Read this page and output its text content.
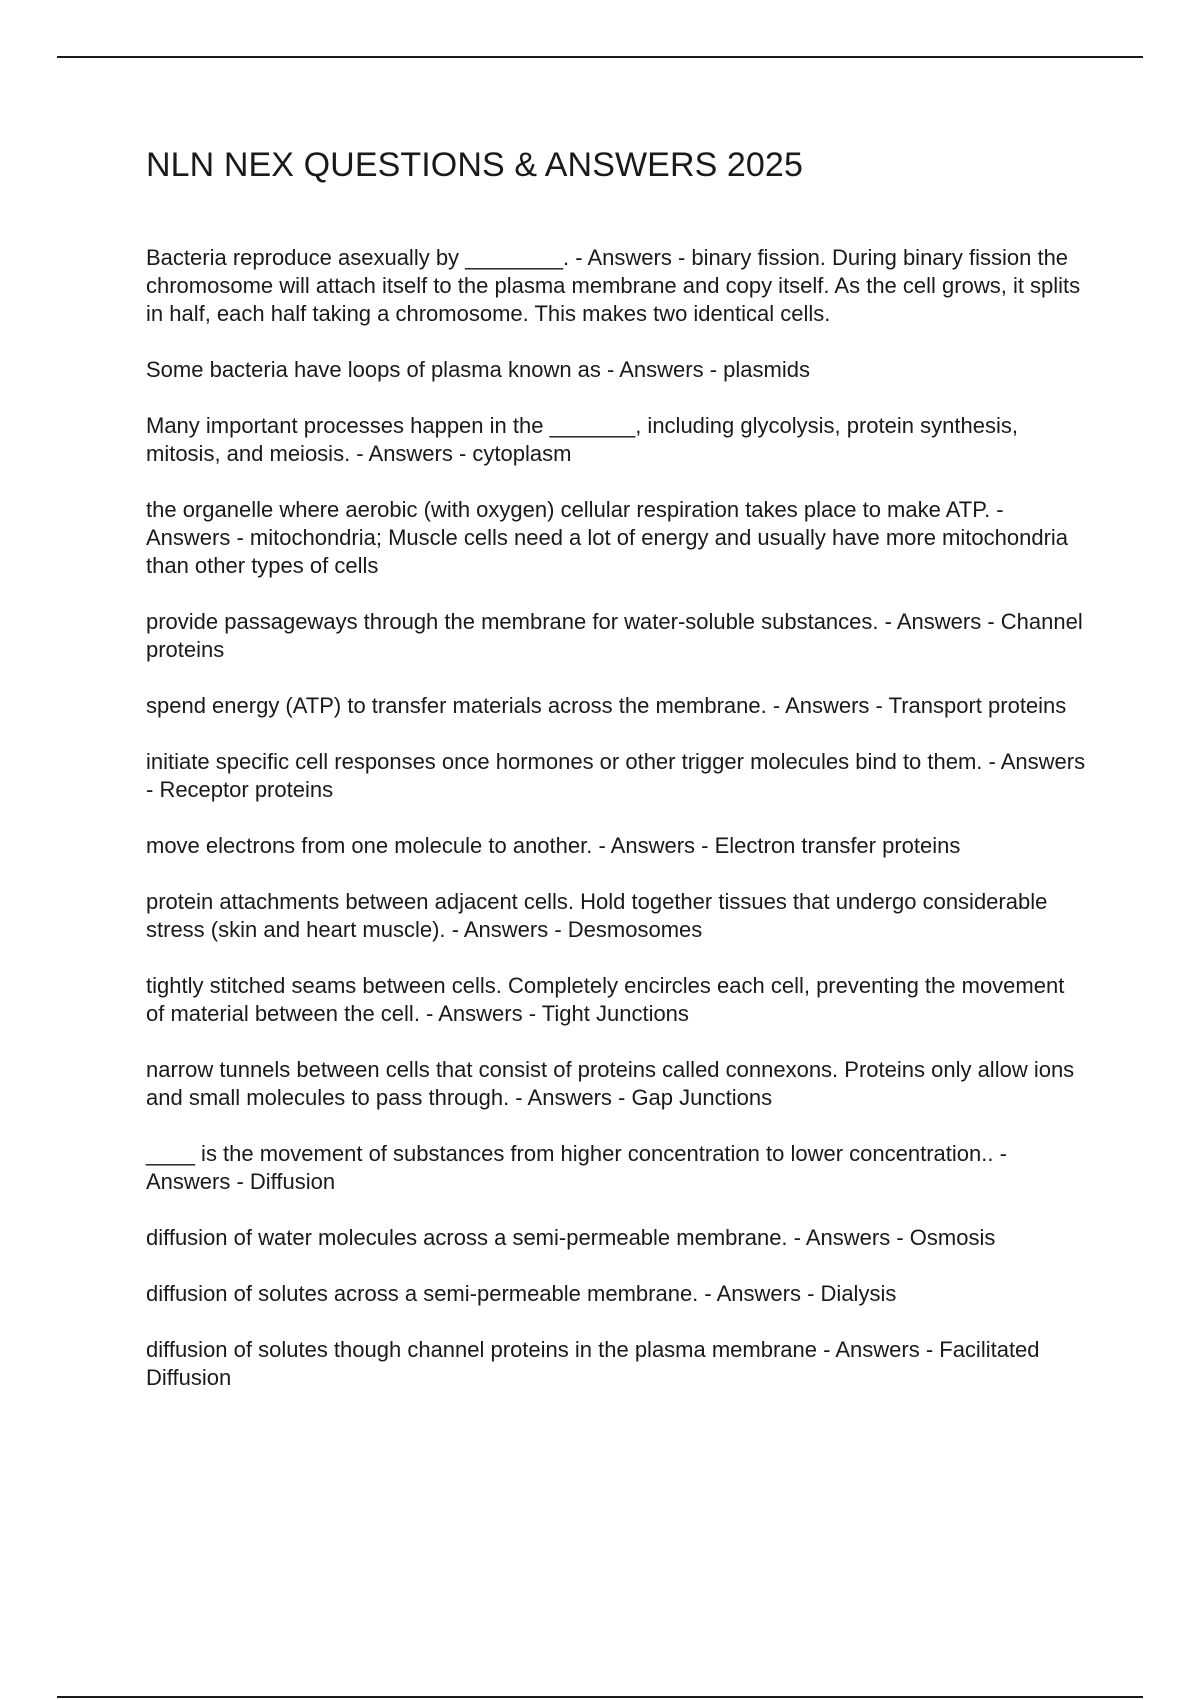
NLN NEX QUESTIONS & ANSWERS 2025
Bacteria reproduce asexually by ________. - Answers - binary fission. During binary fission the chromosome will attach itself to the plasma membrane and copy itself. As the cell grows, it splits in half, each half taking a chromosome. This makes two identical cells.
Some bacteria have loops of plasma known as - Answers - plasmids
Many important processes happen in the _______, including glycolysis, protein synthesis, mitosis, and meiosis. - Answers - cytoplasm
the organelle where aerobic (with oxygen) cellular respiration takes place to make ATP. - Answers - mitochondria; Muscle cells need a lot of energy and usually have more mitochondria than other types of cells
provide passageways through the membrane for water-soluble substances. - Answers - Channel proteins
spend energy (ATP) to transfer materials across the membrane. - Answers - Transport proteins
initiate specific cell responses once hormones or other trigger molecules bind to them. - Answers - Receptor proteins
move electrons from one molecule to another. - Answers - Electron transfer proteins
protein attachments between adjacent cells. Hold together tissues that undergo considerable stress (skin and heart muscle). - Answers - Desmosomes
tightly stitched seams between cells. Completely encircles each cell, preventing the movement of material between the cell. - Answers - Tight Junctions
narrow tunnels between cells that consist of proteins called connexons. Proteins only allow ions and small molecules to pass through. - Answers - Gap Junctions
____ is the movement of substances from higher concentration to lower concentration.. - Answers - Diffusion
diffusion of water molecules across a semi-permeable membrane. - Answers - Osmosis
diffusion of solutes across a semi-permeable membrane. - Answers - Dialysis
diffusion of solutes though channel proteins in the plasma membrane - Answers - Facilitated Diffusion
